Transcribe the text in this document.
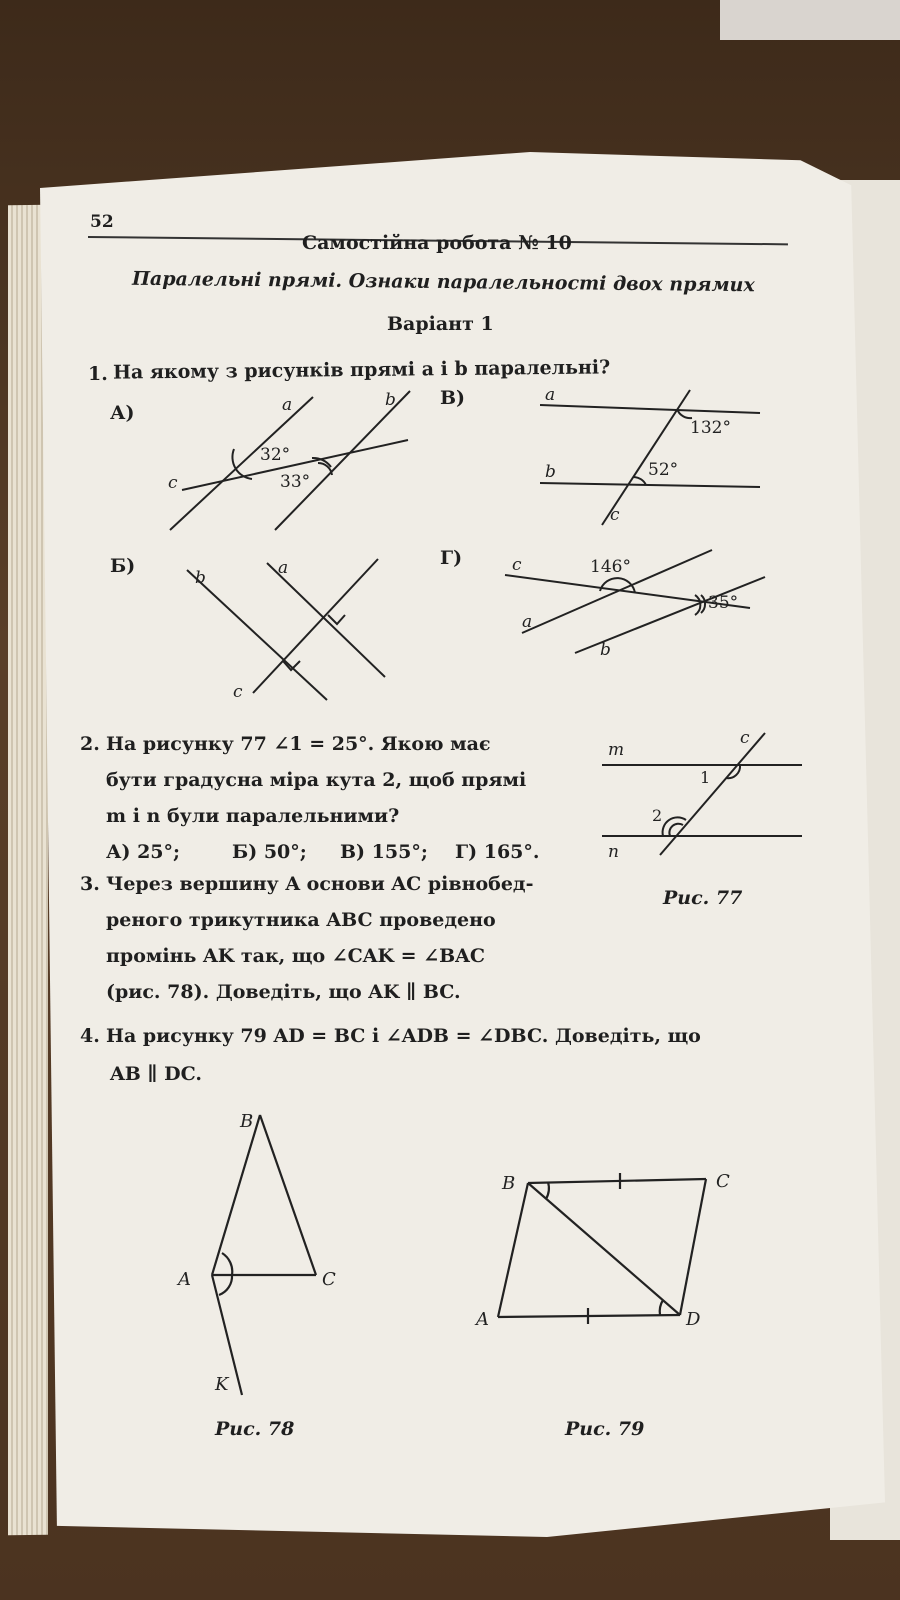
52
Самостійна робота № 10
Паралельні прямі. Ознаки паралельності двох прямих
Варіант 1
1. На якому з рисунків прямі a і b паралельні?
А)
В)
Б)	Г)
a	b
c
32°
33°
a
b
c
132°
52°
b	a
c
c
a
b
146°
35°
2. На рисунку 77 ∠1 = 25°. Якою має
бути градусна міра кута 2, щоб прямі
m і n були паралельними?
А) 25°;	Б) 50°; В) 155°; Г) 165°.
m
n
c
1
2
Рис. 77
3. Через вершину A основи AC рівнобед-
реного трикутника ABC проведено
промінь AK так, що ∠CAK = ∠BAC
(рис. 78). Доведіть, що AK ∥ BC.
4. На рисунку 79 AD = BC і ∠ADB = ∠DBC. Доведіть, що
AB ∥ DC.
B
A	C
K
Рис. 78
B	C
A	D
Рис. 79
